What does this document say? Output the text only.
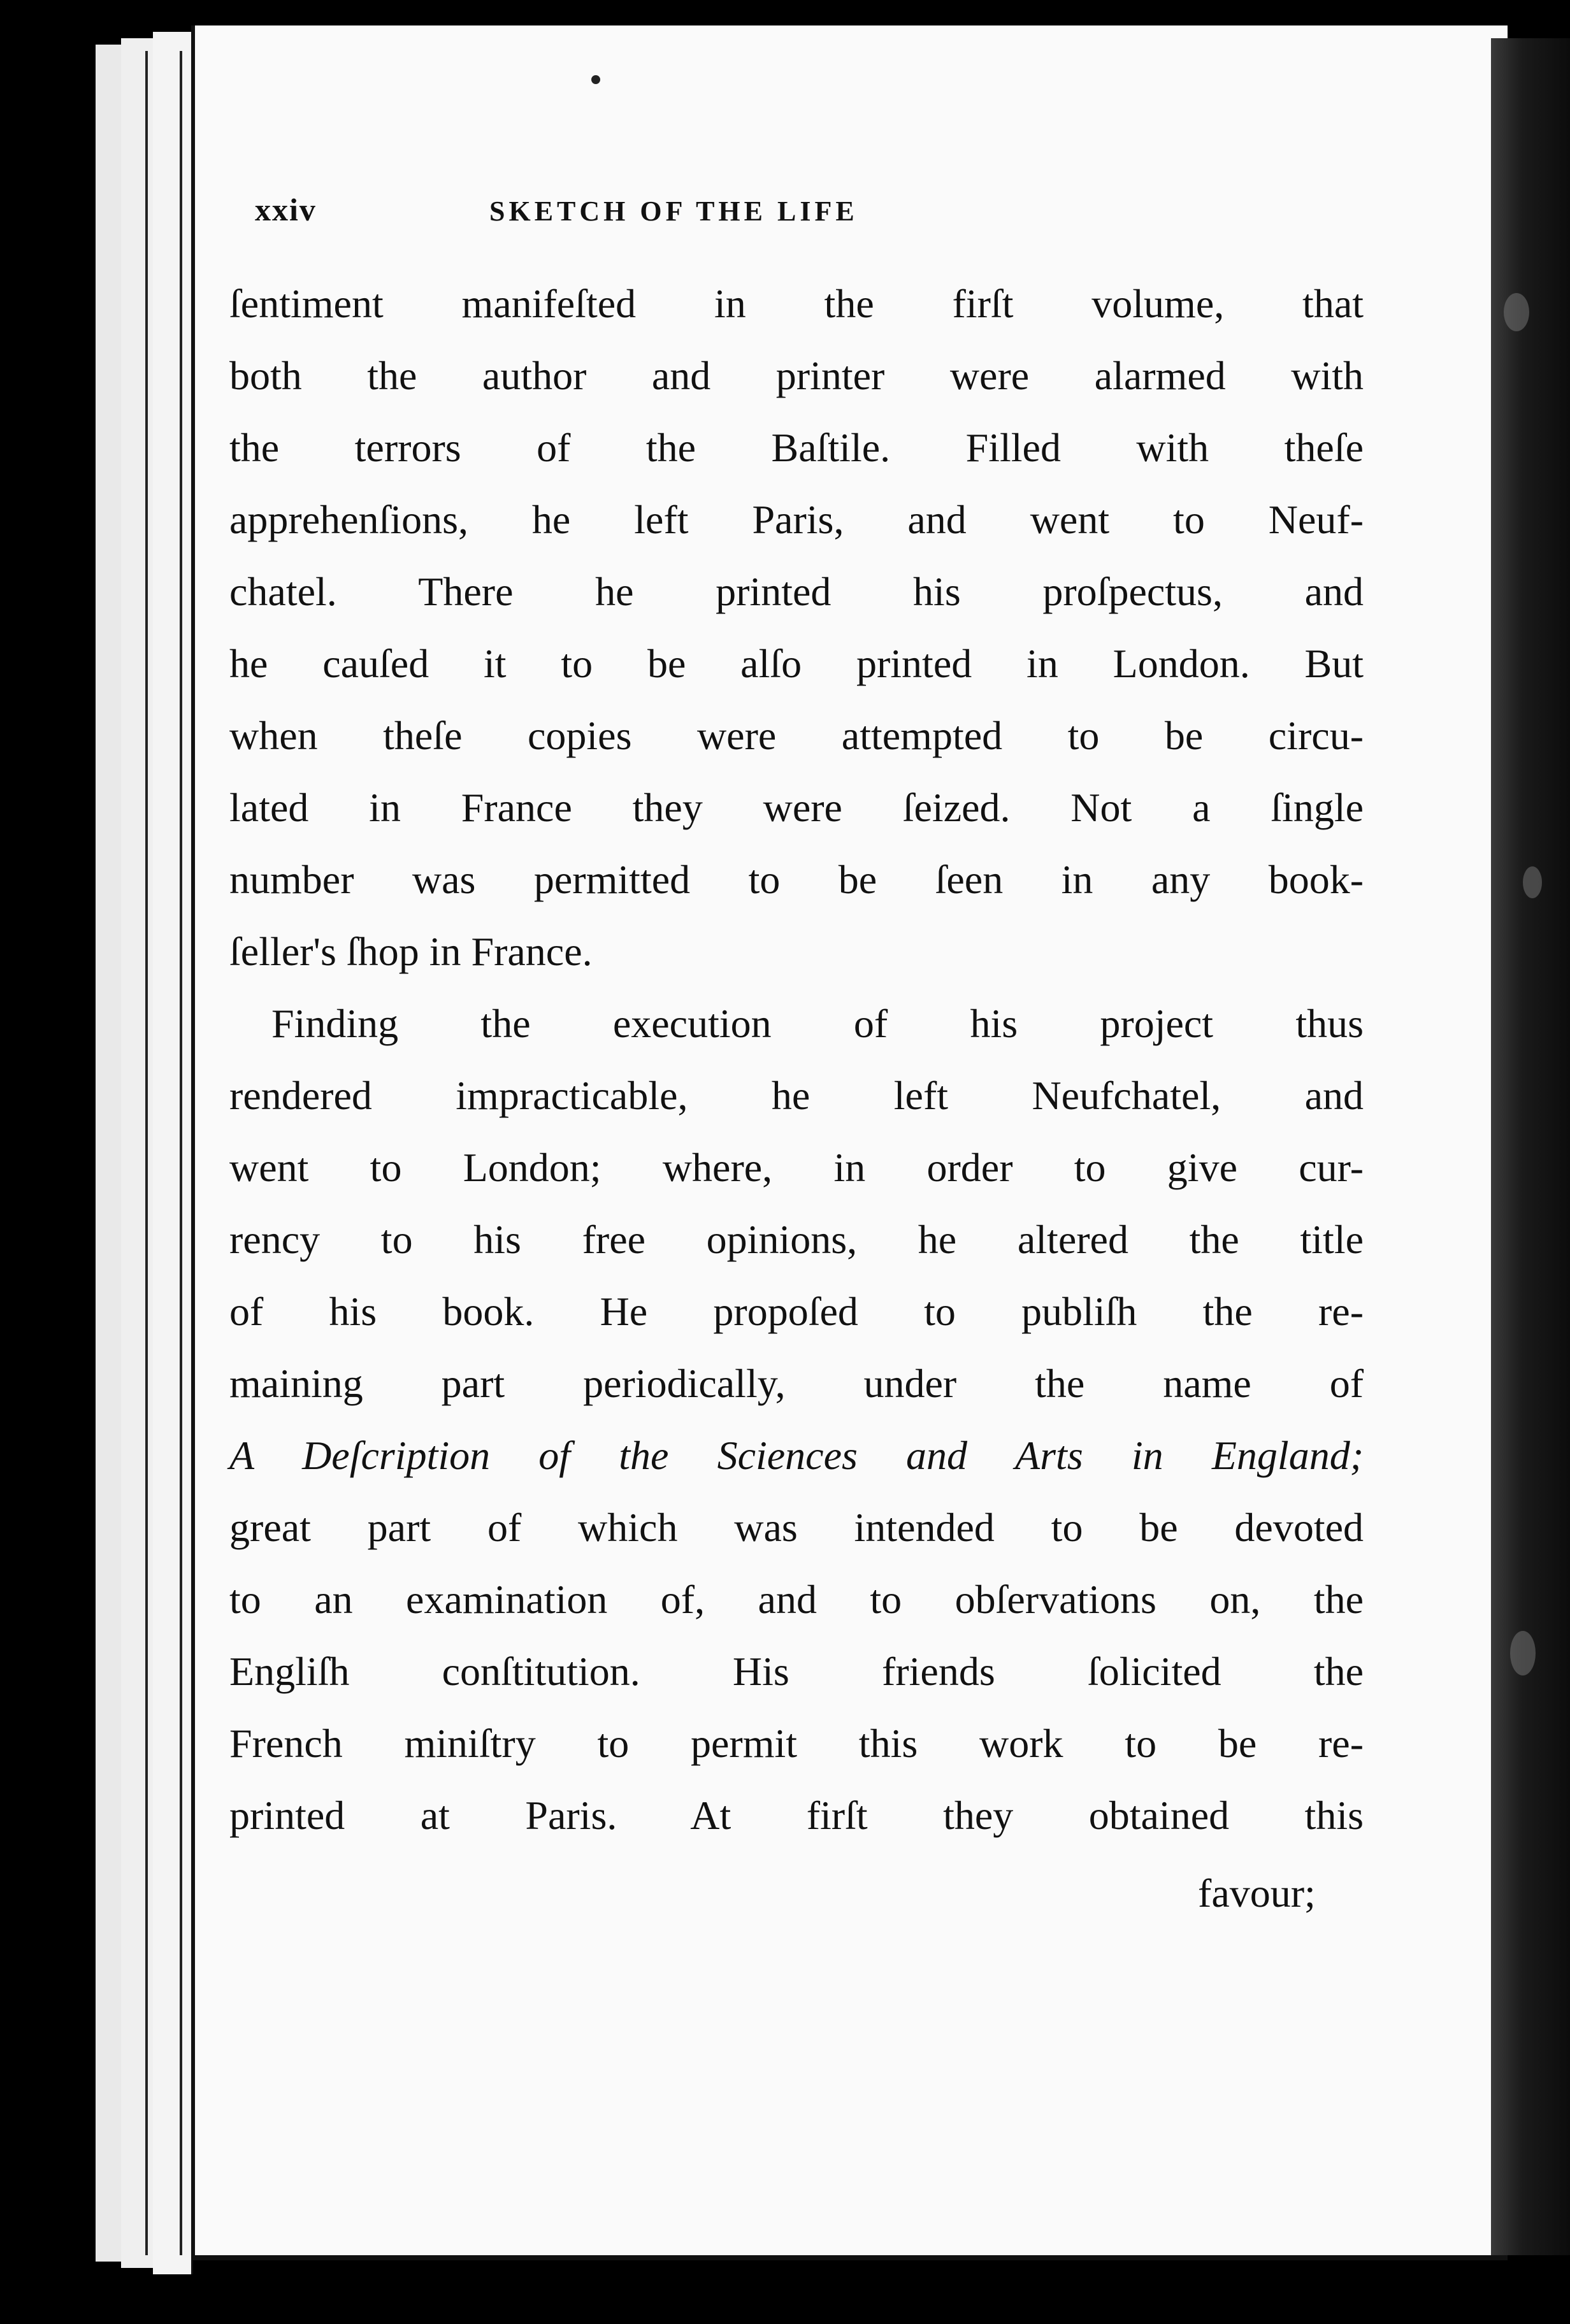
xxiv	SKETCH OF THE LIFE
ſentiment manifeſted in the firſt volume, that
both the author and printer were alarmed with
the terrors of the Baſtile. Filled with theſe
apprehenſions, he left Paris, and went to Neuf-
chatel. There he printed his proſpectus, and
he cauſed it to be alſo printed in London. But
when theſe copies were attempted to be circu-
lated in France they were ſeized. Not a ſingle
number was permitted to be ſeen in any book-
ſeller's ſhop in France.
Finding the execution of his project thus
rendered impracticable, he left Neufchatel, and
went to London; where, in order to give cur-
rency to his free opinions, he altered the title
of his book. He propoſed to publiſh the re-
maining part periodically, under the name of
A Deſcription of the Sciences and Arts in England;
great part of which was intended to be devoted
to an examination of, and to obſervations on, the
Engliſh conſtitution. His friends ſolicited the
French miniſtry to permit this work to be re-
printed at Paris. At firſt they obtained this
favour;
